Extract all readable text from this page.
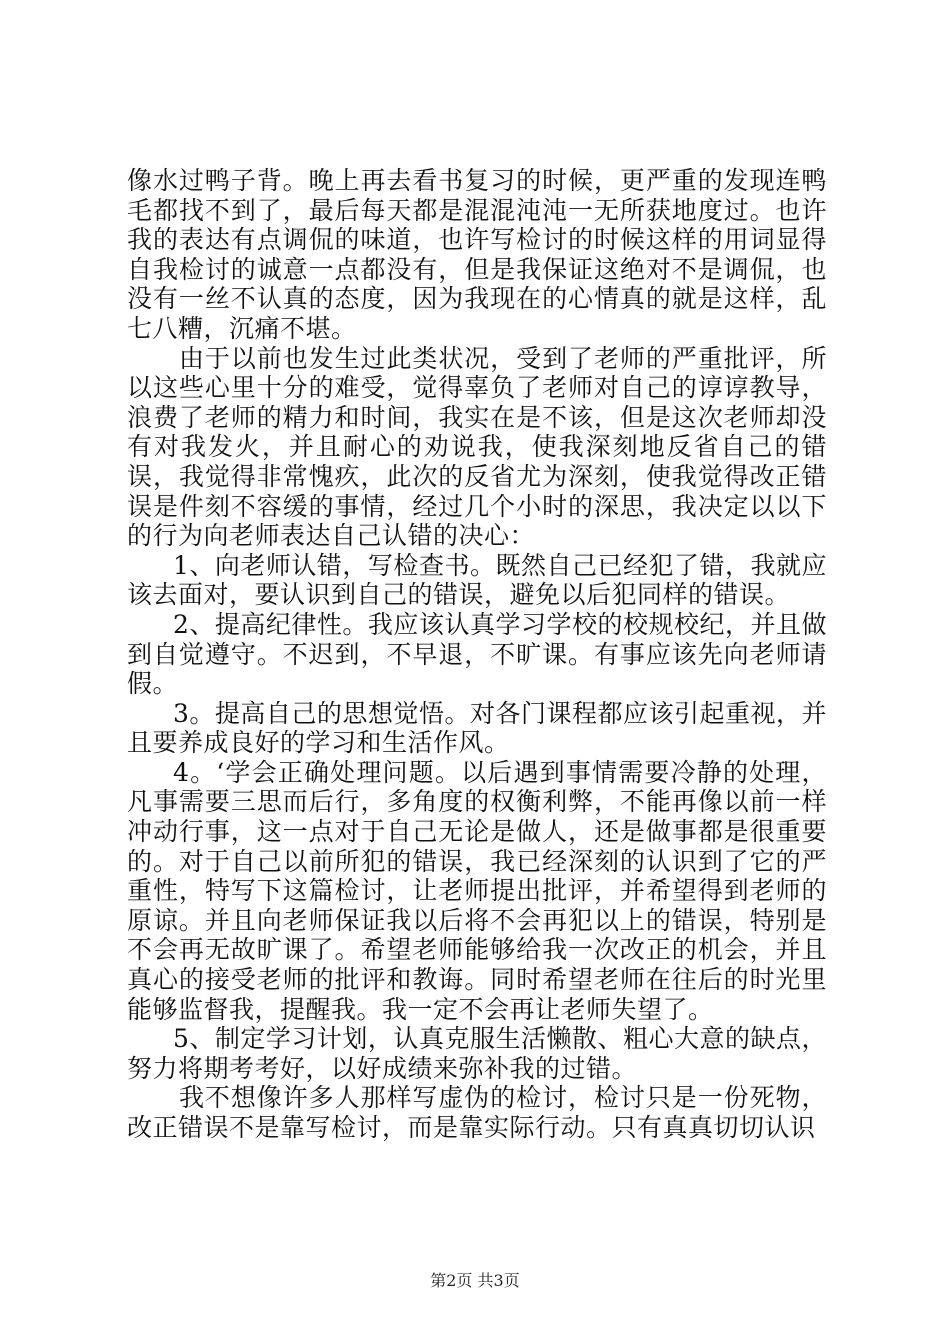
像水过鸭子背。晚上再去看书复习的时候，更严重的发现连鸭毛都找不到了，最后每天都是混混沌沌一无所获地度过。也许我的表达有点调侃的味道，也许写检讨的时候这样的用词显得自我检讨的诚意一点都没有，但是我保证这绝对不是调侃，也没有一丝不认真的态度，因为我现在的心情真的就是这样，乱七八糟，沉痛不堪。

由于以前也发生过此类状况，受到了老师的严重批评，所以这些心里十分的难受，觉得辜负了老师对自己的谆谆教导，浪费了老师的精力和时间，我实在是不该，但是这次老师却没有对我发火，并且耐心的劝说我，使我深刻地反省自己的错误，我觉得非常愧疚，此次的反省尤为深刻，使我觉得改正错误是件刻不容缓的事情，经过几个小时的深思，我决定以以下的行为向老师表达自己认错的决心：

1、向老师认错，写检查书。既然自己已经犯了错，我就应该去面对，要认识到自己的错误，避免以后犯同样的错误。

2、提高纪律性。我应该认真学习学校的校规校纪，并且做到自觉遵守。不迟到，不早退，不旷课。有事应该先向老师请假。

3。提高自己的思想觉悟。对各门课程都应该引起重视，并且要养成良好的学习和生活作风。

4。‘学会正确处理问题。以后遇到事情需要冷静的处理，凡事需要三思而后行，多角度的权衡利弊，不能再像以前一样冲动行事，这一点对于自己无论是做人，还是做事都是很重要的。对于自己以前所犯的错误，我已经深刻的认识到了它的严重性，特写下这篇检讨，让老师提出批评，并希望得到老师的原谅。并且向老师保证我以后将不会再犯以上的错误，特别是不会再无故旷课了。希望老师能够给我一次改正的机会，并且真心的接受老师的批评和教诲。同时希望老师在往后的时光里能够监督我，提醒我。我一定不会再让老师失望了。

5、制定学习计划，认真克服生活懒散、粗心大意的缺点，努力将期考考好，以好成绩来弥补我的过错。

我不想像许多人那样写虚伪的检讨，检讨只是一份死物，改正错误不是靠写检讨，而是靠实际行动。只有真真切切认识

第2页 共3页
